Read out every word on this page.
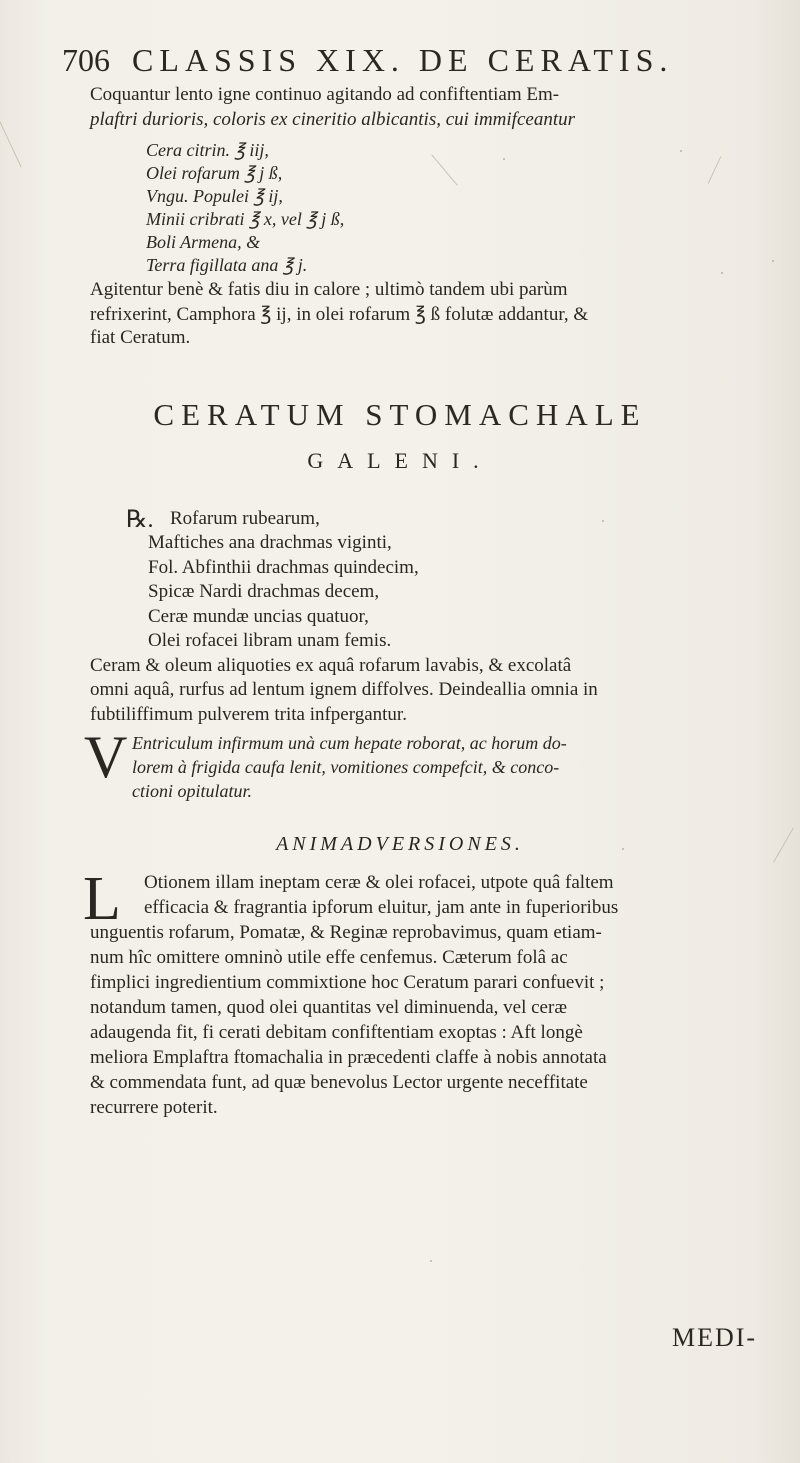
706 CLASSIS XIX. DE CERATIS.
Coquantur lento igne continuo agitando ad confiftentiam Em-
plaftri durioris, coloris ex cineritio albicantis, cui immifceantur
Cera citrin. ℥ iij,
Olei rofarum ℥ j ß,
Vngu. Populei ℥ ij,
Minii cribrati ℥ x, vel ℥ j ß,
Boli Armena, &
Terra figillata ana ℥ j.
Agitentur benè & fatis diu in calore ; ultimò tandem ubi parùm
refrixerint, Camphora ℥ ij, in olei rofarum ℥ ß folutæ addantur, &
fiat Ceratum.
CERATUM STOMACHALE
GALENI.
℞. Rofarum rubearum,
Maftiches ana drachmas viginti,
Fol. Abfinthii drachmas quindecim,
Spicæ Nardi drachmas decem,
Ceræ mundæ uncias quatuor,
Olei rofacei libram unam femis.
Ceram & oleum aliquoties ex aquâ rofarum lavabis, & excolatâ
omni aquâ, rurfus ad lentum ignem diffolves. Deindeallia omnia in
fubtiliffimum pulverem trita infpergantur.
V Entriculum infirmum unà cum hepate roborat, ac horum do-
lorem à frigida caufa lenit, vomitiones compefcit, & conco-
ctioni opitulatur.
ANIMADVERSIONES.
L Otionem illam ineptam ceræ & olei rofacei, utpote quâ faltem
efficacia & fragrantia ipforum eluitur, jam ante in fuperioribus
unguentis rofarum, Pomatæ, & Reginæ reprobavimus, quam etiam-
num hîc omittere omninò utile effe cenfemus. Cæterum folâ ac
fimplici ingredientium commixtione hoc Ceratum parari confuevit ;
notandum tamen, quod olei quantitas vel diminuenda, vel ceræ
adaugenda fit, fi cerati debitam confiftentiam exoptas : Aft longè
meliora Emplaftra ftomachalia in præcedenti claffe à nobis annotata
& commendata funt, ad quæ benevolus Lector urgente neceffitate
recurrere poterit.
MEDI-
